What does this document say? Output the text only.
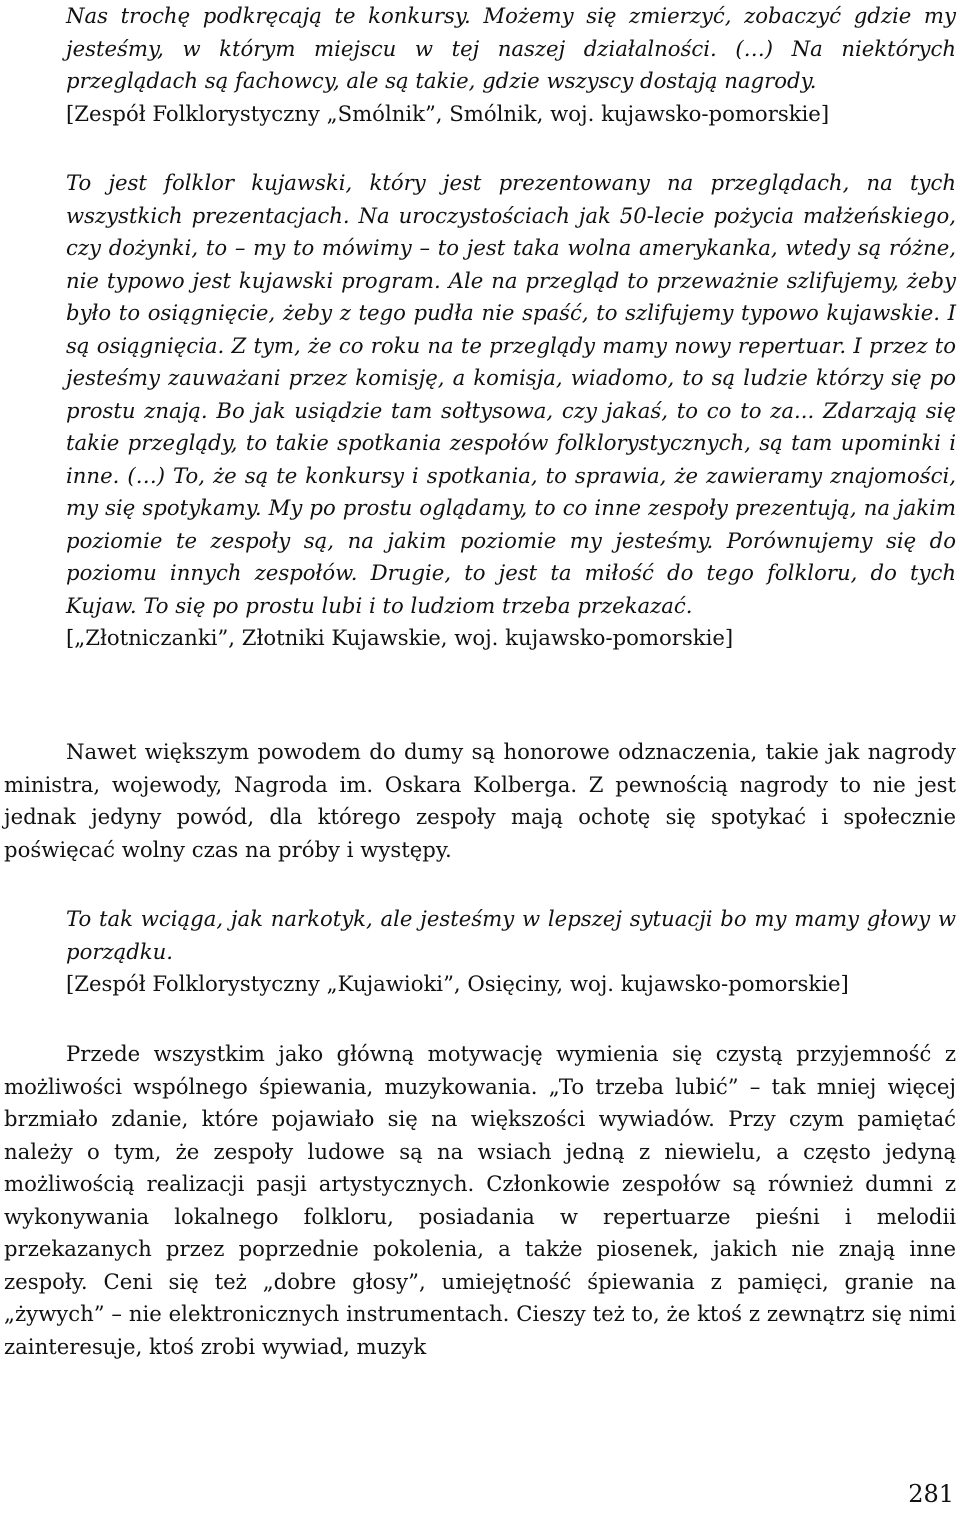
Nas trochę podkręcają te konkursy. Możemy się zmierzyć, zobaczyć gdzie my jesteśmy, w którym miejscu w tej naszej działalności. (…) Na niektórych przeglądach są fachowcy, ale są takie, gdzie wszyscy dostają nagrody.

[Zespół Folklorystyczny „Smólnik”, Smólnik, woj. kujawsko-pomorskie]

To jest folklor kujawski, który jest prezentowany na przeglądach, na tych wszystkich prezentacjach. Na uroczystościach jak 50-lecie pożycia małżeńskiego, czy dożynki, to – my to mówimy – to jest taka wolna amerykanka, wtedy są różne, nie typowo jest kujawski program. Ale na przegląd to przeważnie szlifujemy, żeby było to osiągnięcie, żeby z tego pudła nie spaść, to szlifujemy typowo kujawskie. I są osiągnięcia. Z tym, że co roku na te przeglądy mamy nowy repertuar. I przez to jesteśmy zauważani przez komisję, a komisja, wiadomo, to są ludzie którzy się po prostu znają. Bo jak usiądzie tam sołtysowa, czy jakaś, to co to za... Zdarzają się takie przeglądy, to takie spotkania zespołów folklorystycznych, są tam upominki i inne. (…) To, że są te konkursy i spotkania, to sprawia, że zawieramy znajomości, my się spotykamy. My po prostu oglądamy, to co inne zespoły prezentują, na jakim poziomie te zespoły są, na jakim poziomie my jesteśmy. Porównujemy się do poziomu innych zespołów. Drugie, to jest ta miłość do tego folkloru, do tych Kujaw. To się po prostu lubi i to ludziom trzeba przekazać.

[„Złotniczanki”, Złotniki Kujawskie, woj. kujawsko-pomorskie]

Nawet większym powodem do dumy są honorowe odznaczenia, takie jak nagrody ministra, wojewody, Nagroda im. Oskara Kolberga. Z pewnością nagrody to nie jest jednak jedyny powód, dla którego zespoły mają ochotę się spotykać i społecznie poświęcać wolny czas na próby i występy.

To tak wciąga, jak narkotyk, ale jesteśmy w lepszej sytuacji bo my mamy głowy w porządku.

[Zespół Folklorystyczny „Kujawioki”, Osięciny, woj. kujawsko-pomorskie]

Przede wszystkim jako główną motywację wymienia się czystą przyjemność z możliwości wspólnego śpiewania, muzykowania. „To trzeba lubić” – tak mniej więcej brzmiało zdanie, które pojawiało się na większości wywiadów. Przy czym pamiętać należy o tym, że zespoły ludowe są na wsiach jedną z niewielu, a często jedyną możliwością realizacji pasji artystycznych. Członkowie zespołów są również dumni z wykonywania lokalnego folkloru, posiadania w repertuarze pieśni i melodii przekazanych przez poprzednie pokolenia, a także piosenek, jakich nie znają inne zespoły. Ceni się też „dobre głosy”, umiejętność śpiewania z pamięci, granie na „żywych” – nie elektronicznych instrumentach. Cieszy też to, że ktoś z zewnątrz się nimi zainteresuje, ktoś zrobi wywiad, muzyk

281
